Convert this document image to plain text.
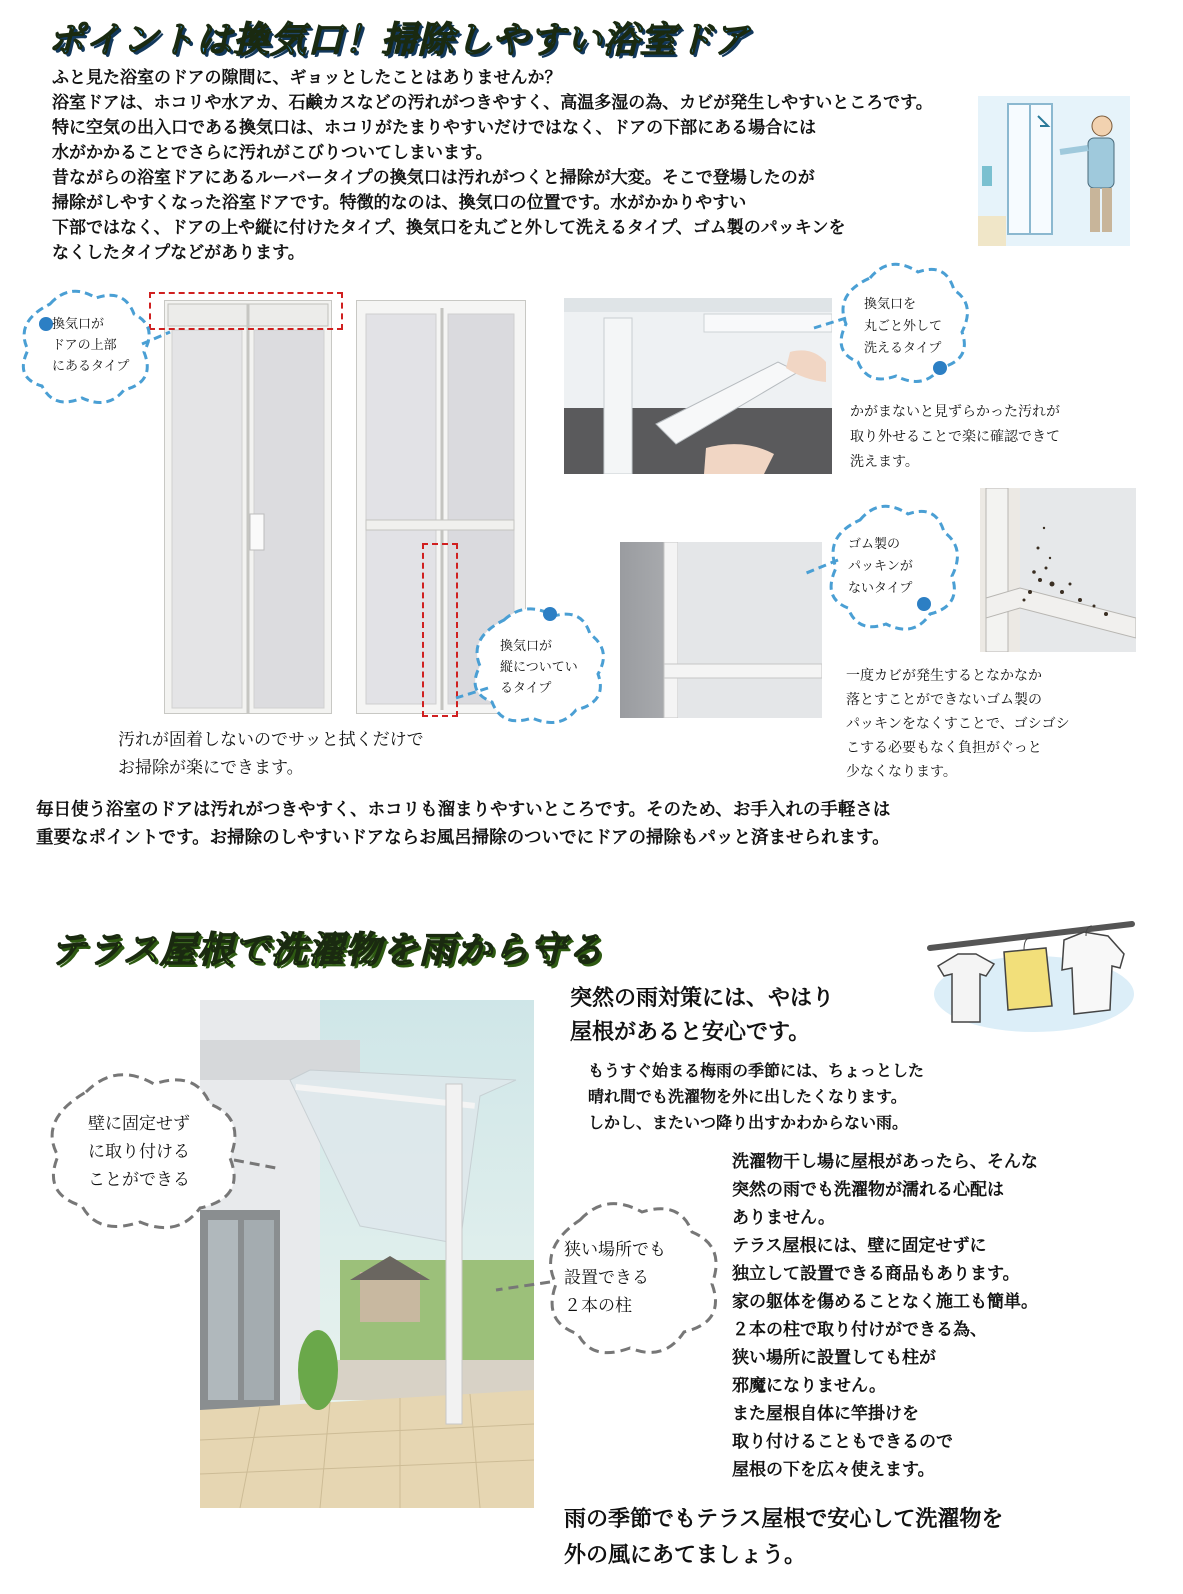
ポイントは換気口！掃除しやすい浴室ドア
ふと見た浴室のドアの隙間に、ギョッとしたことはありませんか？
浴室ドアは、ホコリや水アカ、石鹸カスなどの汚れがつきやすく、高温多湿の為、カビが発生しやすいところです。
特に空気の出入口である換気口は、ホコリがたまりやすいだけではなく、ドアの下部にある場合には
水がかかることでさらに汚れがこびりついてしまいます。
昔ながらの浴室ドアにあるルーバータイプの換気口は汚れがつくと掃除が大変。そこで登場したのが
掃除がしやすくなった浴室ドアです。特徴的なのは、換気口の位置です。水がかかりやすい
下部ではなく、ドアの上や縦に付けたタイプ、換気口を丸ごと外して洗えるタイプ、ゴム製のパッキンを
なくしたタイプなどがあります。
換気口が
ドアの上部
にあるタイプ
換気口が
縦についてい
るタイプ
換気口を
丸ごと外して
洗えるタイプ
ゴム製の
パッキンが
ないタイプ
汚れが固着しないのでサッと拭くだけで
お掃除が楽にできます。
かがまないと見ずらかった汚れが
取り外せることで楽に確認できて
洗えます。
一度カビが発生するとなかなか
落とすことができないゴム製の
パッキンをなくすことで、ゴシゴシ
こする必要もなく負担がぐっと
少なくなります。
毎日使う浴室のドアは汚れがつきやすく、ホコリも溜まりやすいところです。そのため、お手入れの手軽さは
重要なポイントです。お掃除のしやすいドアならお風呂掃除のついでにドアの掃除もパッと済ませられます。
テラス屋根で洗濯物を雨から守る
壁に固定せず
に取り付ける
ことができる
狭い場所でも
設置できる
２本の柱
突然の雨対策には、やはり
屋根があると安心です。
もうすぐ始まる梅雨の季節には、ちょっとした
晴れ間でも洗濯物を外に出したくなります。
しかし、またいつ降り出すかわからない雨。
洗濯物干し場に屋根があったら、そんな
突然の雨でも洗濯物が濡れる心配は
ありません。
テラス屋根には、壁に固定せずに
独立して設置できる商品もあります。
家の躯体を傷めることなく施工も簡単。
２本の柱で取り付けができる為、
狭い場所に設置しても柱が
邪魔になりません。
また屋根自体に竿掛けを
取り付けることもできるので
屋根の下を広々使えます。
雨の季節でもテラス屋根で安心して洗濯物を
外の風にあてましょう。
